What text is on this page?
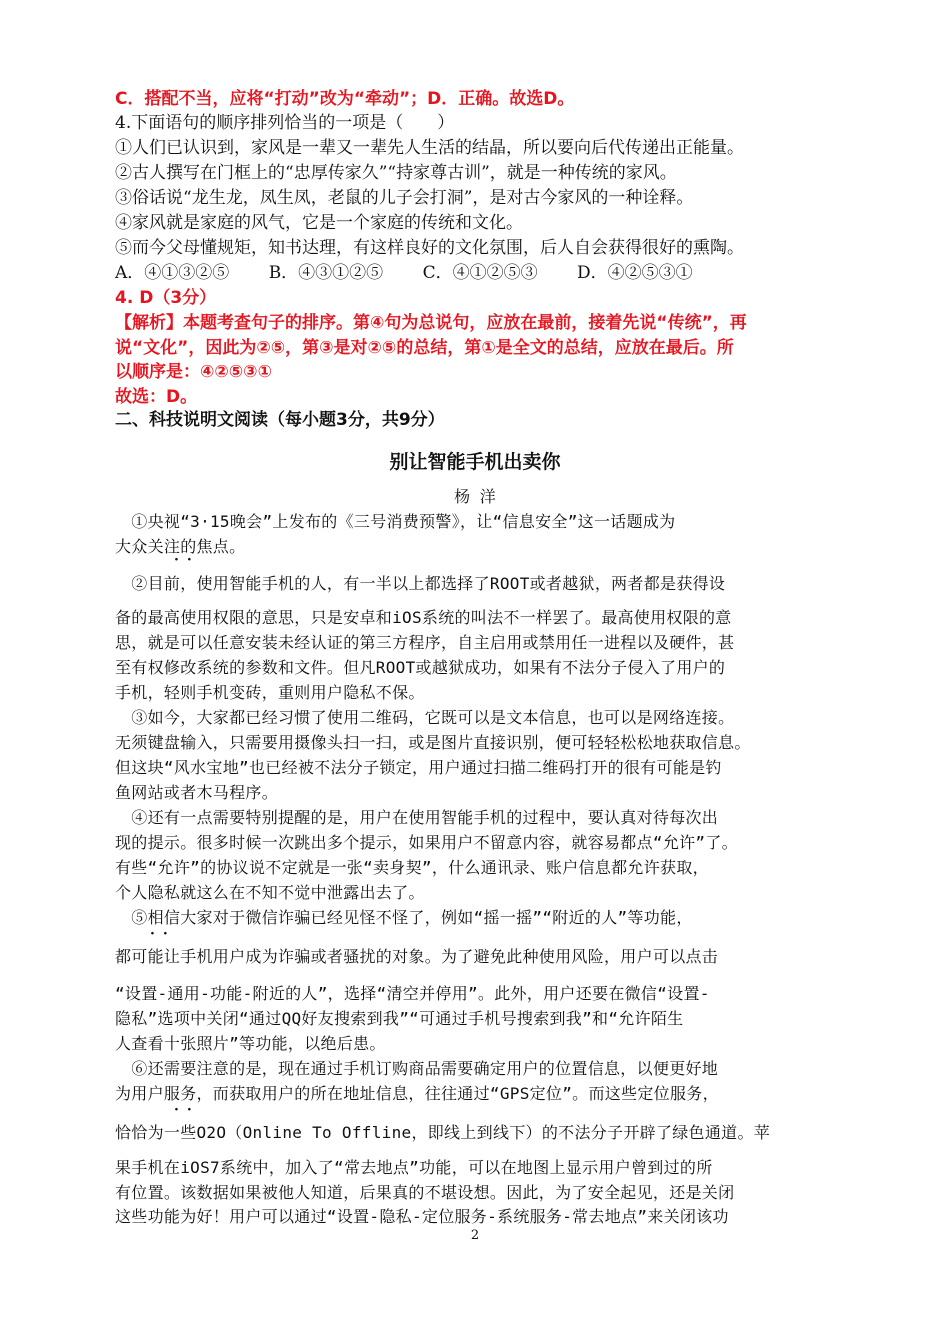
C．搭配不当，应将“打动”改为“牵动”；D．正确。故选D。
4.下面语句的顺序排列恰当的一项是（　　）
①人们已认识到，家风是一辈又一辈先人生活的结晶，所以要向后代传递出正能量。
②古人撰写在门框上的“忠厚传家久”“持家尊古训”，就是一种传统的家风。
③俗话说“龙生龙，凤生凤，老鼠的儿子会打洞”，是对古今家风的一种诠释。
④家风就是家庭的风气，它是一个家庭的传统和文化。
⑤而今父母懂规矩，知书达理，有这样良好的文化氛围，后人自会获得很好的熏陶。
A．④①③②⑤ B．④③①②⑤ C．④①②⑤③ D．④②⑤③①
4. D（3分）
【解析】本题考查句子的排序。第④句为总说句，应放在最前，接着先说“传统”，再
说“文化”，因此为②⑤，第③是对②⑤的总结，第①是全文的总结，应放在最后。所
以顺序是：④②⑤③①
故选：D。
二、科技说明文阅读（每小题3分，共9分）
别让智能手机出卖你
杨 洋
　①央视“3·15晚会”上发布的《三号消费预警》，让“信息安全”这一话题成为
大众关注的焦点。
··
　②目前，使用智能手机的人，有一半以上都选择了ROOT或者越狱，两者都是获得设
备的最高使用权限的意思，只是安卓和iOS系统的叫法不一样罢了。最高使用权限的意
思，就是可以任意安装未经认证的第三方程序，自主启用或禁用任一进程以及硬件，甚
至有权修改系统的参数和文件。但凡ROOT或越狱成功，如果有不法分子侵入了用户的
手机，轻则手机变砖，重则用户隐私不保。
　③如今，大家都已经习惯了使用二维码，它既可以是文本信息，也可以是网络连接。
无须键盘输入，只需要用摄像头扫一扫，或是图片直接识别，便可轻轻松松地获取信息。
但这块“风水宝地”也已经被不法分子锁定，用户通过扫描二维码打开的很有可能是钓
鱼网站或者木马程序。
　④还有一点需要特别提醒的是，用户在使用智能手机的过程中，要认真对待每次出
现的提示。很多时候一次跳出多个提示，如果用户不留意内容，就容易都点“允许”了。
有些“允许”的协议说不定就是一张“卖身契”，什么通讯录、账户信息都允许获取，
个人隐私就这么在不知不觉中泄露出去了。
　⑤相信大家对于微信诈骗已经见怪不怪了，例如“摇一摇”“附近的人”等功能，
··
都可能让手机用户成为诈骗或者骚扰的对象。为了避免此种使用风险，用户可以点击
“设置-通用-功能-附近的人”，选择“清空并停用”。此外，用户还要在微信“设置-
隐私”选项中关闭“通过QQ好友搜索到我”“可通过手机号搜索到我”和“允许陌生
人查看十张照片”等功能，以绝后患。
　⑥还需要注意的是，现在通过手机订购商品需要确定用户的位置信息，以便更好地
为用户服务，而获取用户的所在地址信息，往往通过“GPS定位”。而这些定位服务，
··
恰恰为一些O2O（Online To Offline，即线上到线下）的不法分子开辟了绿色通道。苹
果手机在iOS7系统中，加入了“常去地点”功能，可以在地图上显示用户曾到过的所
有位置。该数据如果被他人知道，后果真的不堪设想。因此，为了安全起见，还是关闭
这些功能为好！用户可以通过“设置-隐私-定位服务-系统服务-常去地点”来关闭该功
2
